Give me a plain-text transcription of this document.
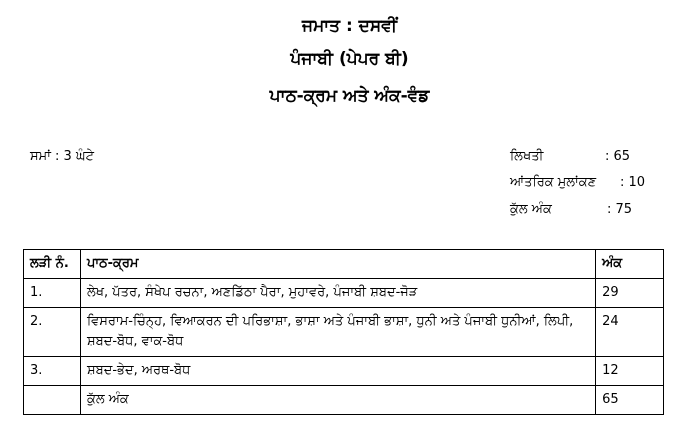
ਜਮਾਤ : ਦਸਵੀਂ
ਪੰਜਾਬੀ (ਪੇਪਰ ਬੀ)
ਪਾਠ-ਕ੍ਰਮ ਅਤੇ ਅੰਕ-ਵੰਡ
ਸਮਾਂ : 3 ਘੰਟੇ	ਲਿਖਤੀ	: 65
ਆਂਤਰਿਕ ਮੁਲਾਂਕਣ : 10
ਕੁੱਲ ਅੰਕ	: 75
ਲੜੀ ਨੰ.	ਪਾਠ-ਕ੍ਰਮ	ਅੰਕ
1.	ਲੇਖ, ਪੱਤਰ, ਸੰਖੇਪ ਰਚਨਾ, ਅਣਡਿੱਠਾ ਪੈਰਾ, ਮੁਹਾਵਰੇ, ਪੰਜਾਬੀ ਸ਼ਬਦ-ਜੋੜ	29
2.	ਵਿਸਰਾਮ-ਚਿੰਨ੍ਹ, ਵਿਆਕਰਨ ਦੀ ਪਰਿਭਾਸ਼ਾ, ਭਾਸ਼ਾ ਅਤੇ ਪੰਜਾਬੀ ਭਾਸ਼ਾ, ਧੁਨੀ ਅਤੇ ਪੰਜਾਬੀ ਧੁਨੀਆਂ, ਲਿਪੀ, ਸ਼ਬਦ-ਬੋਧ, ਵਾਕ-ਬੋਧ	24
3.	ਸ਼ਬਦ-ਭੇਦ, ਅਰਥ-ਬੋਧ	12
	ਕੁੱਲ ਅੰਕ	65
